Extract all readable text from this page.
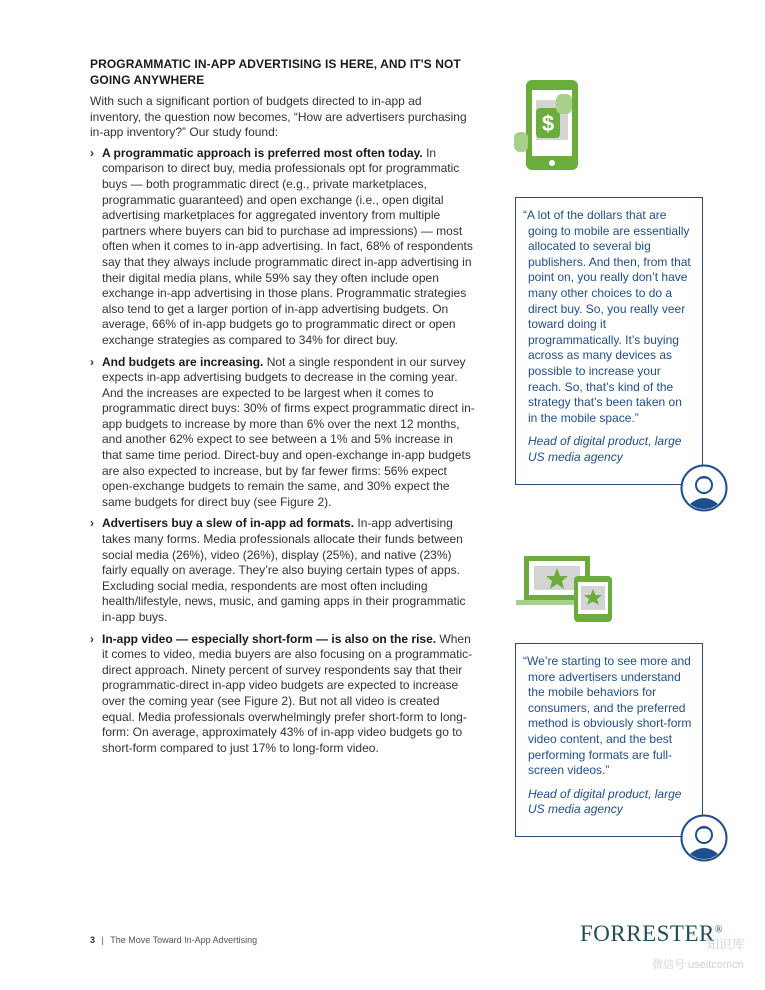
PROGRAMMATIC IN-APP ADVERTISING IS HERE, AND IT'S NOT GOING ANYWHERE
With such a significant portion of budgets directed to in-app ad inventory, the question now becomes, “How are advertisers purchasing in-app inventory?” Our study found:
› A programmatic approach is preferred most often today. In comparison to direct buy, media professionals opt for programmatic buys — both programmatic direct (e.g., private marketplaces, programmatic guaranteed) and open exchange (i.e., open digital advertising marketplaces for aggregated inventory from multiple partners where buyers can bid to purchase ad impressions) — most often when it comes to in-app advertising. In fact, 68% of respondents say that they always include programmatic direct in-app advertising in their digital media plans, while 59% say they often include open exchange in-app advertising in those plans. Programmatic strategies also tend to get a larger portion of in-app advertising budgets. On average, 66% of in-app budgets go to programmatic direct or open exchange strategies as compared to 34% for direct buy.
› And budgets are increasing. Not a single respondent in our survey expects in-app advertising budgets to decrease in the coming year. And the increases are expected to be largest when it comes to programmatic direct buys: 30% of firms expect programmatic direct in-app budgets to increase by more than 6% over the next 12 months, and another 62% expect to see between a 1% and 5% increase in that same time period. Direct-buy and open-exchange in-app budgets are also expected to increase, but by far fewer firms: 56% expect open-exchange budgets to remain the same, and 30% expect the same budgets for direct buy (see Figure 2).
› Advertisers buy a slew of in-app ad formats. In-app advertising takes many forms. Media professionals allocate their funds between social media (26%), video (26%), display (25%), and native (23%) fairly equally on average. They’re also buying certain types of apps. Excluding social media, respondents are most often including health/lifestyle, news, music, and gaming apps in their programmatic in-app buys.
› In-app video — especially short-form — is also on the rise. When it comes to video, media buyers are also focusing on a programmatic-direct approach. Ninety percent of survey respondents say that their programmatic-direct in-app video budgets are expected to increase over the coming year (see Figure 2). But not all video is created equal. Media professionals overwhelmingly prefer short-form to long-form: On average, approximately 43% of in-app video budgets go to short-form compared to just 17% to long-form video.
$
“A lot of the dollars that are going to mobile are essentially allocated to several big publishers. And then, from that point on, you really don’t have many other choices to do a direct buy. So, you really veer toward doing it programmatically. It’s buying across as many devices as possible to increase your reach. So, that’s kind of the strategy that’s been taken on in the mobile space.”
Head of digital product, large US media agency
“We’re starting to see more and more advertisers understand the mobile behaviors for consumers, and the preferred method is obviously short-form video content, and the best performing formats are full-screen videos.”
Head of digital product, large US media agency
3 | The Move Toward In-App Advertising	FORRESTER®
知识库
微信号 useitcomcn
